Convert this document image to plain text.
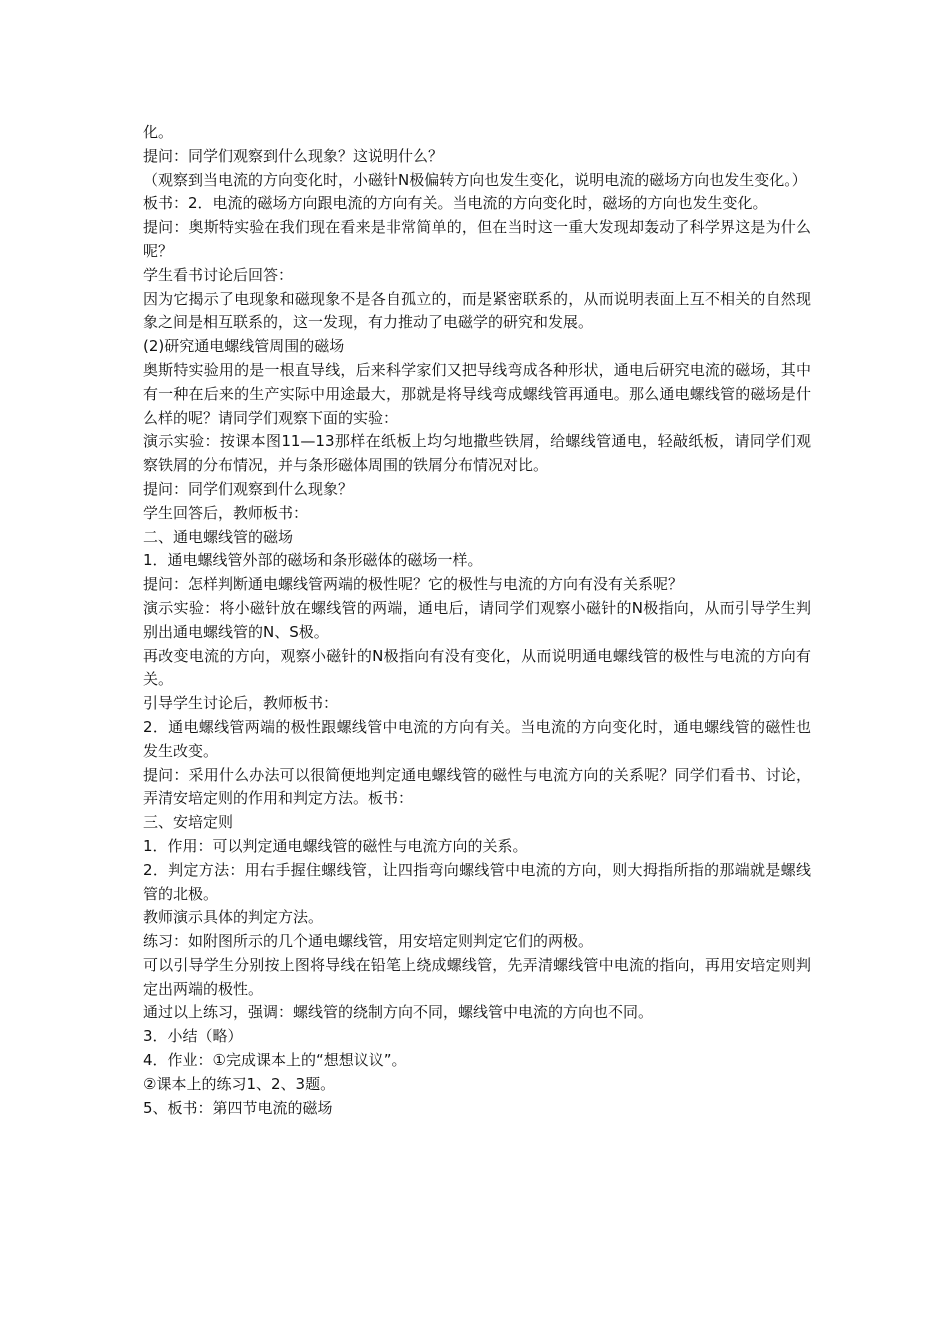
化。

提问：同学们观察到什么现象？这说明什么？

（观察到当电流的方向变化时，小磁针N极偏转方向也发生变化，说明电流的磁场方向也发生变化。）

板书：2．电流的磁场方向跟电流的方向有关。当电流的方向变化时，磁场的方向也发生变化。

提问：奥斯特实验在我们现在看来是非常简单的，但在当时这一重大发现却轰动了科学界这是为什么呢？

学生看书讨论后回答：

因为它揭示了电现象和磁现象不是各自孤立的，而是紧密联系的，从而说明表面上互不相关的自然现象之间是相互联系的，这一发现，有力推动了电磁学的研究和发展。

(2)研究通电螺线管周围的磁场

奥斯特实验用的是一根直导线，后来科学家们又把导线弯成各种形状，通电后研究电流的磁场，其中有一种在后来的生产实际中用途最大，那就是将导线弯成螺线管再通电。那么通电螺线管的磁场是什么样的呢？请同学们观察下面的实验：

演示实验：按课本图11—13那样在纸板上均匀地撒些铁屑，给螺线管通电，轻敲纸板，请同学们观察铁屑的分布情况，并与条形磁体周围的铁屑分布情况对比。

提问：同学们观察到什么现象？

学生回答后，教师板书：

二、通电螺线管的磁场

1．通电螺线管外部的磁场和条形磁体的磁场一样。

提问：怎样判断通电螺线管两端的极性呢？它的极性与电流的方向有没有关系呢？

演示实验：将小磁针放在螺线管的两端，通电后，请同学们观察小磁针的N极指向，从而引导学生判别出通电螺线管的N、S极。

再改变电流的方向，观察小磁针的N极指向有没有变化，从而说明通电螺线管的极性与电流的方向有关。

引导学生讨论后，教师板书：

2．通电螺线管两端的极性跟螺线管中电流的方向有关。当电流的方向变化时，通电螺线管的磁性也发生改变。

提问：采用什么办法可以很简便地判定通电螺线管的磁性与电流方向的关系呢？同学们看书、讨论，弄清安培定则的作用和判定方法。板书：

三、安培定则

1．作用：可以判定通电螺线管的磁性与电流方向的关系。

2．判定方法：用右手握住螺线管，让四指弯向螺线管中电流的方向，则大拇指所指的那端就是螺线管的北极。

教师演示具体的判定方法。

练习：如附图所示的几个通电螺线管，用安培定则判定它们的两极。

可以引导学生分别按上图将导线在铅笔上绕成螺线管，先弄清螺线管中电流的指向，再用安培定则判定出两端的极性。

通过以上练习，强调：螺线管的绕制方向不同，螺线管中电流的方向也不同。

3．小结（略）

4．作业：①完成课本上的“想想议议”。

②课本上的练习1、2、3题。

5、板书：第四节电流的磁场
